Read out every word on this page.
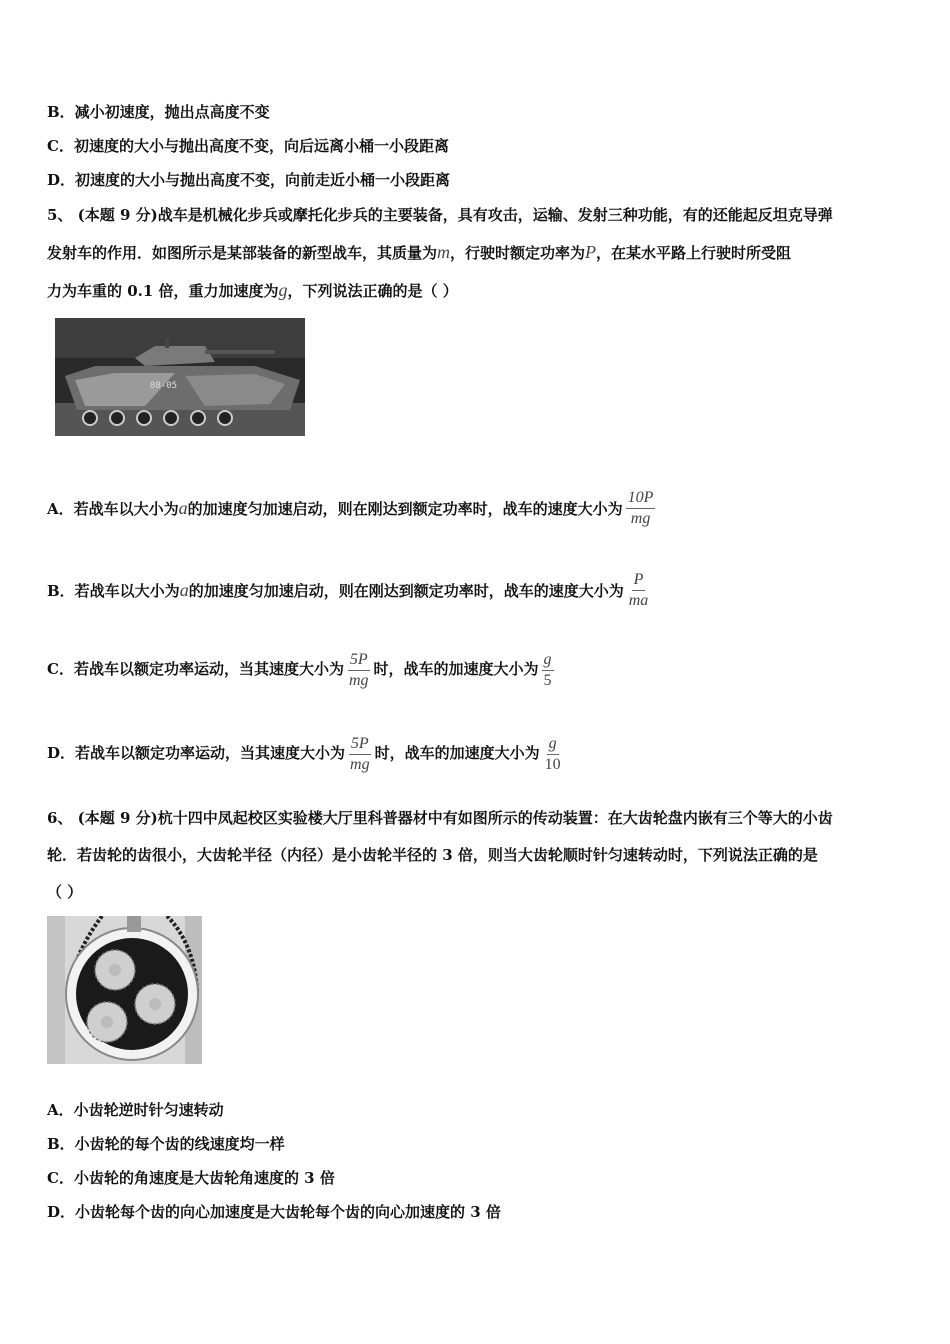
B．减小初速度，抛出点高度不变
C．初速度的大小与抛出高度不变，向后远离小桶一小段距离
D．初速度的大小与抛出高度不变，向前走近小桶一小段距离
5、 (本题 9 分)战车是机械化步兵或摩托化步兵的主要装备，具有攻击，运输、发射三种功能，有的还能起反坦克导弹
发射车的作用．如图所示是某部装备的新型战车，其质量为m，行驶时额定功率为P，在某水平路上行驶时所受阻
力为车重的 0.1 倍，重力加速度为g，下列说法正确的是（ ）
08-05
A．若战车以大小为a的加速度匀加速启动，则在刚达到额定功率时，战车的速度大小为 $\frac{10P}{mg}$
B．若战车以大小为a的加速度匀加速启动，则在刚达到额定功率时，战车的速度大小为 $\frac{P}{ma}$
C．若战车以额定功率运动，当其速度大小为 $\frac{5P}{mg}$ 时，战车的加速度大小为 $\frac{g}{5}$
D．若战车以额定功率运动，当其速度大小为 $\frac{5P}{mg}$ 时，战车的加速度大小为 $\frac{g}{10}$
6、 (本题 9 分)杭十四中凤起校区实验楼大厅里科普器材中有如图所示的传动装置：在大齿轮盘内嵌有三个等大的小齿
轮．若齿轮的齿很小，大齿轮半径（内径）是小齿轮半径的 3 倍，则当大齿轮顺时针匀速转动时，下列说法正确的是
（ ）
A．小齿轮逆时针匀速转动
B．小齿轮的每个齿的线速度均一样
C．小齿轮的角速度是大齿轮角速度的 3 倍
D．小齿轮每个齿的向心加速度是大齿轮每个齿的向心加速度的 3 倍
